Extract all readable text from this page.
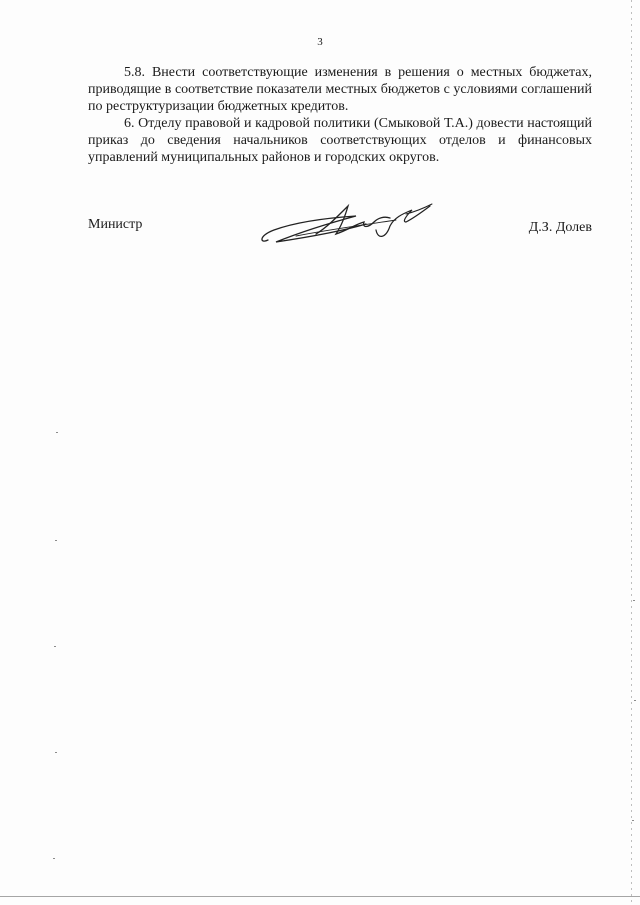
3

5.8. Внести соответствующие изменения в решения о местных бюджетах, приводящие в соответствие показатели местных бюджетов с условиями соглашений по реструктуризации бюджетных кредитов.

6. Отделу правовой и кадровой политики (Смыковой Т.А.) довести настоящий приказ до сведения начальников соответствующих отделов и финансовых управлений муниципальных районов и городских округов.

Министр	Д.З. Долев
